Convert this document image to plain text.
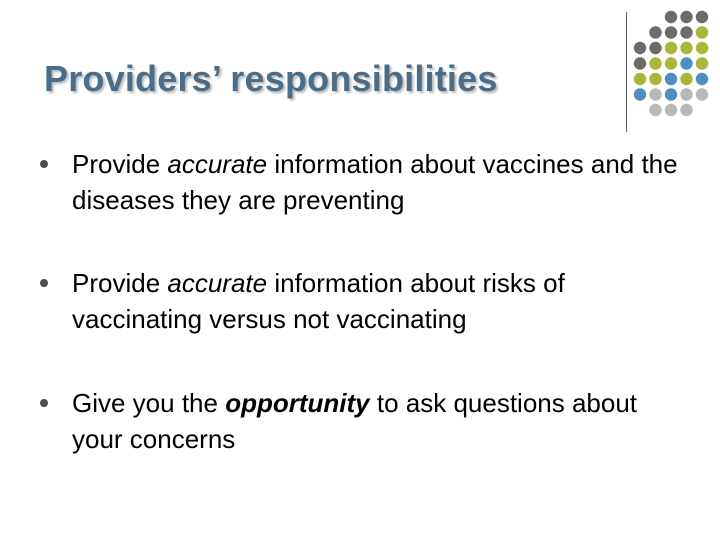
Providers’ responsibilities
Provide accurate information about vaccines and the diseases they are preventing
Provide accurate information about risks of vaccinating versus not vaccinating
Give you the opportunity to ask questions about your concerns
